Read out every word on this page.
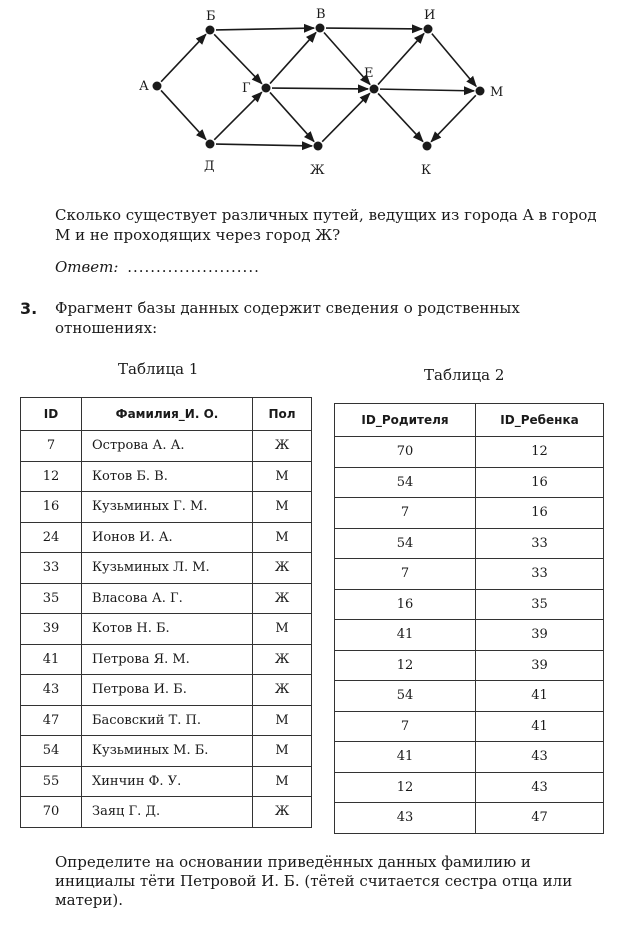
А
Б	В	И
Г
Е
М
Д	Ж	К
Сколько существует различных путей, ведущих из города А в город М и не проходящих через город Ж?
Ответ: .......................
3. Фрагмент базы данных содержит сведения о родственных отношениях:
Таблица 1	Таблица 2
ID	Фамилия_И. О.	Пол
7	Острова А. А.	Ж
12	Котов Б. В.	М
16	Кузьминых Г. М.	М
24	Ионов И. А.	М
33	Кузьминых Л. М.	Ж
35	Власова А. Г.	Ж
39	Котов Н. Б.	М
41	Петрова Я. М.	Ж
43	Петрова И. Б.	Ж
47	Басовский Т. П.	М
54	Кузьминых М. Б.	М
55	Хинчин Ф. У.	М
70	Заяц Г. Д.	Ж
ID_Родителя	ID_Ребенка
70	12
54	16
7	16
54	33
7	33
16	35
41	39
12	39
54	41
7	41
41	43
12	43
43	47
Определите на основании приведённых данных фамилию и инициалы тёти Петровой И. Б. (тётей считается сестра отца или матери).
